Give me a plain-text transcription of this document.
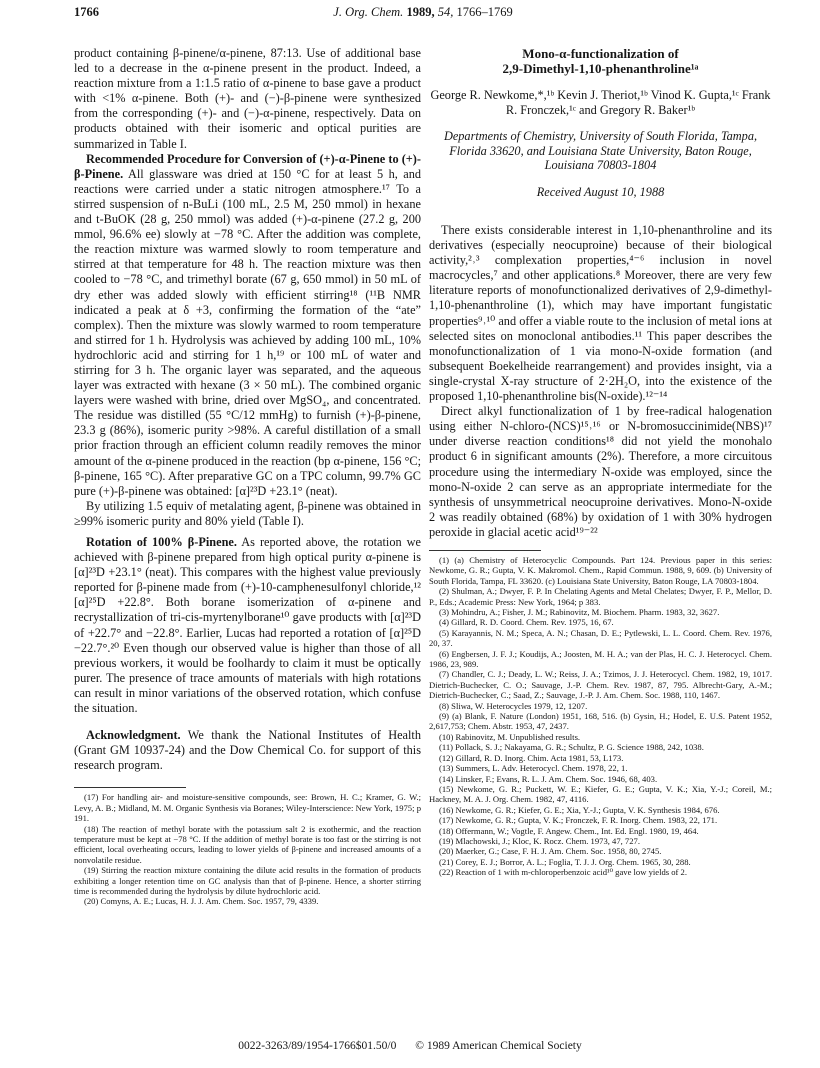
1766	J. Org. Chem. 1989, 54, 1766–1769

product containing β-pinene/α-pinene, 87:13. Use of additional base led to a decrease in the α-pinene present in the product. Indeed, a reaction mixture from a 1:1.5 ratio of α-pinene to base gave a product with <1% α-pinene. Both (+)- and (−)-β-pinene were synthesized from the corresponding (+)- and (−)-α-pinene, respectively. Data on products obtained with their isomeric and optical purities are summarized in Table I.

Recommended Procedure for Conversion of (+)-α-Pinene to (+)-β-Pinene. All glassware was dried at 150 °C for at least 5 h, and reactions were carried under a static nitrogen atmosphere.¹⁷ To a stirred suspension of n-BuLi (100 mL, 2.5 M, 250 mmol) in hexane and t-BuOK (28 g, 250 mmol) was added (+)-α-pinene (27.2 g, 200 mmol, 96.6% ee) slowly at −78 °C. After the addition was complete, the reaction mixture was warmed slowly to room temperature and stirred at that temperature for 48 h. The reaction mixture was then cooled to −78 °C, and trimethyl borate (67 g, 650 mmol) in 50 mL of dry ether was added slowly with efficient stirring¹⁸ (¹¹B NMR indicated a peak at δ +3, confirming the formation of the “ate” complex). Then the mixture was slowly warmed to room temperature and stirred for 1 h. Hydrolysis was achieved by adding 100 mL, 10% hydrochloric acid and stirring for 1 h,¹⁹ or 100 mL of water and stirring for 3 h. The organic layer was separated, and the aqueous layer was extracted with hexane (3 × 50 mL). The combined organic layers were washed with brine, dried over MgSO₄, and concentrated. The residue was distilled (55 °C/12 mmHg) to furnish (+)-β-pinene, 23.3 g (86%), isomeric purity >98%. A careful distillation of a small prior fraction through an efficient column readily removes the minor amount of the α-pinene produced in the reaction (bp α-pinene, 156 °C; β-pinene, 165 °C). After preparative GC on a TPC column, 99.7% GC pure (+)-β-pinene was obtained: [α]²³D +23.1° (neat).

By utilizing 1.5 equiv of metalating agent, β-pinene was obtained in ≥99% isomeric purity and 80% yield (Table I).

Rotation of 100% β-Pinene. As reported above, the rotation we achieved with β-pinene prepared from high optical purity α-pinene is [α]²³D +23.1° (neat). This compares with the highest value previously reported for β-pinene made from (+)-10-camphenesulfonyl chloride,¹² [α]²⁵D +22.8°. Both borane isomerization of α-pinene and recrystallization of tri-cis-myrtenylborane¹⁰ gave products with [α]²³D of +22.7° and −22.8°. Earlier, Lucas had reported a rotation of [α]²⁵D −22.7°.²⁰ Even though our observed value is higher than those of all previous workers, it would be foolhardy to claim it must be optically purer. The presence of trace amounts of materials with high rotations can result in minor variations of the observed rotation, which confuse the situation.

Acknowledgment. We thank the National Institutes of Health (Grant GM 10937-24) and the Dow Chemical Co. for support of this research program.

(17) For handling air- and moisture-sensitive compounds, see: Brown, H. C.; Kramer, G. W.; Levy, A. B.; Midland, M. M. Organic Synthesis via Boranes; Wiley-Interscience: New York, 1975; p 191.

(18) The reaction of methyl borate with the potassium salt 2 is exothermic, and the reaction temperature must be kept at −78 °C. If the addition of methyl borate is too fast or the stirring is not efficient, local overheating occurs, leading to lower yields of β-pinene and increased amounts of a nonvolatile residue.

(19) Stirring the reaction mixture containing the dilute acid results in the formation of products exhibiting a longer retention time on GC analysis than that of β-pinene. Hence, a shorter stirring time is recommended during the hydrolysis by dilute hydrochloric acid.

(20) Comyns, A. E.; Lucas, H. J. J. Am. Chem. Soc. 1957, 79, 4339.

Mono-α-functionalization of
2,9-Dimethyl-1,10-phenanthroline¹ᵃ
George R. Newkome,*,¹ᵇ Kevin J. Theriot,¹ᵇ Vinod K. Gupta,¹ᶜ Frank R. Fronczek,¹ᶜ and Gregory R. Baker¹ᵇ
Departments of Chemistry, University of South Florida, Tampa, Florida 33620, and Louisiana State University, Baton Rouge, Louisiana 70803-1804
Received August 10, 1988

There exists considerable interest in 1,10-phenanthroline and its derivatives (especially neocuproine) because of their biological activity,²˒³ complexation properties,⁴⁻⁶ inclusion in novel macrocycles,⁷ and other applications.⁸ Moreover, there are very few literature reports of monofunctionalized derivatives of 2,9-dimethyl-1,10-phenanthroline (1), which may have important fungistatic properties⁹˒¹⁰ and offer a viable route to the inclusion of metal ions at selected sites on monoclonal antibodies.¹¹ This paper describes the monofunctionalization of 1 via mono-N-oxide formation (and subsequent Boekelheide rearrangement) and provides insight, via a single-crystal X-ray structure of 2·2H₂O, into the existence of the proposed 1,10-phenanthroline bis(N-oxide).¹²⁻¹⁴

Direct alkyl functionalization of 1 by free-radical halogenation using either N-chloro-(NCS)¹⁵˒¹⁶ or N-bromosuccinimide(NBS)¹⁷ under diverse reaction conditions¹⁸ did not yield the monohalo product 6 in significant amounts (2%). Therefore, a more circuitous procedure using the intermediary N-oxide was employed, since the mono-N-oxide 2 can serve as an appropriate intermediate for the synthesis of unsymmetrical neocuproine derivatives. Mono-N-oxide 2 was readily obtained (68%) by oxidation of 1 with 30% hydrogen peroxide in glacial acetic acid¹⁹⁻²²

(1) (a) Chemistry of Heterocyclic Compounds. Part 124. Previous paper in this series: Newkome, G. R.; Gupta, V. K. Makromol. Chem., Rapid Commun. 1988, 9, 609. (b) University of South Florida, Tampa, FL 33620. (c) Louisiana State University, Baton Rouge, LA 70803-1804.

(2) Shulman, A.; Dwyer, F. P. In Chelating Agents and Metal Chelates; Dwyer, F. P., Mellor, D. P., Eds.; Academic Press: New York, 1964; p 383.

(3) Mohindru, A.; Fisher, J. M.; Rabinovitz, M. Biochem. Pharm. 1983, 32, 3627.

(4) Gillard, R. D. Coord. Chem. Rev. 1975, 16, 67.

(5) Karayannis, N. M.; Speca, A. N.; Chasan, D. E.; Pytlewski, L. L. Coord. Chem. Rev. 1976, 20, 37.

(6) Engbersen, J. F. J.; Koudijs, A.; Joosten, M. H. A.; van der Plas, H. C. J. Heterocycl. Chem. 1986, 23, 989.

(7) Chandler, C. J.; Deady, L. W.; Reiss, J. A.; Tzimos, J. J. Heterocycl. Chem. 1982, 19, 1017. Dietrich-Buchecker, C. O.; Sauvage, J.-P. Chem. Rev. 1987, 87, 795. Albrecht-Gary, A.-M.; Dietrich-Buchecker, C.; Saad, Z.; Sauvage, J.-P. J. Am. Chem. Soc. 1988, 110, 1467.

(8) Sliwa, W. Heterocycles 1979, 12, 1207.

(9) (a) Blank, F. Nature (London) 1951, 168, 516. (b) Gysin, H.; Hodel, E. U.S. Patent 1952, 2,617,753; Chem. Abstr. 1953, 47, 2437.

(10) Rabinovitz, M. Unpublished results.

(11) Pollack, S. J.; Nakayama, G. R.; Schultz, P. G. Science 1988, 242, 1038.

(12) Gillard, R. D. Inorg. Chim. Acta 1981, 53, L173.

(13) Summers, L. Adv. Heterocycl. Chem. 1978, 22, 1.

(14) Linsker, F.; Evans, R. L. J. Am. Chem. Soc. 1946, 68, 403.

(15) Newkome, G. R.; Puckett, W. E.; Kiefer, G. E.; Gupta, V. K.; Xia, Y.-J.; Coreil, M.; Hackney, M. A. J. Org. Chem. 1982, 47, 4116.

(16) Newkome, G. R.; Kiefer, G. E.; Xia, Y.-J.; Gupta, V. K. Synthesis 1984, 676.

(17) Newkome, G. R.; Gupta, V. K.; Fronczek, F. R. Inorg. Chem. 1983, 22, 171.

(18) Offermann, W.; Vogtle, F. Angew. Chem., Int. Ed. Engl. 1980, 19, 464.

(19) Mlachowski, J.; Kloc, K. Rocz. Chem. 1973, 47, 727.

(20) Maerker, G.; Case, F. H. J. Am. Chem. Soc. 1958, 80, 2745.

(21) Corey, E. J.; Borror, A. L.; Foglia, T. J. J. Org. Chem. 1965, 30, 288.

(22) Reaction of 1 with m-chloroperbenzoic acid¹⁰ gave low yields of 2.

0022-3263/89/1954-1766$01.50/0 © 1989 American Chemical Society
